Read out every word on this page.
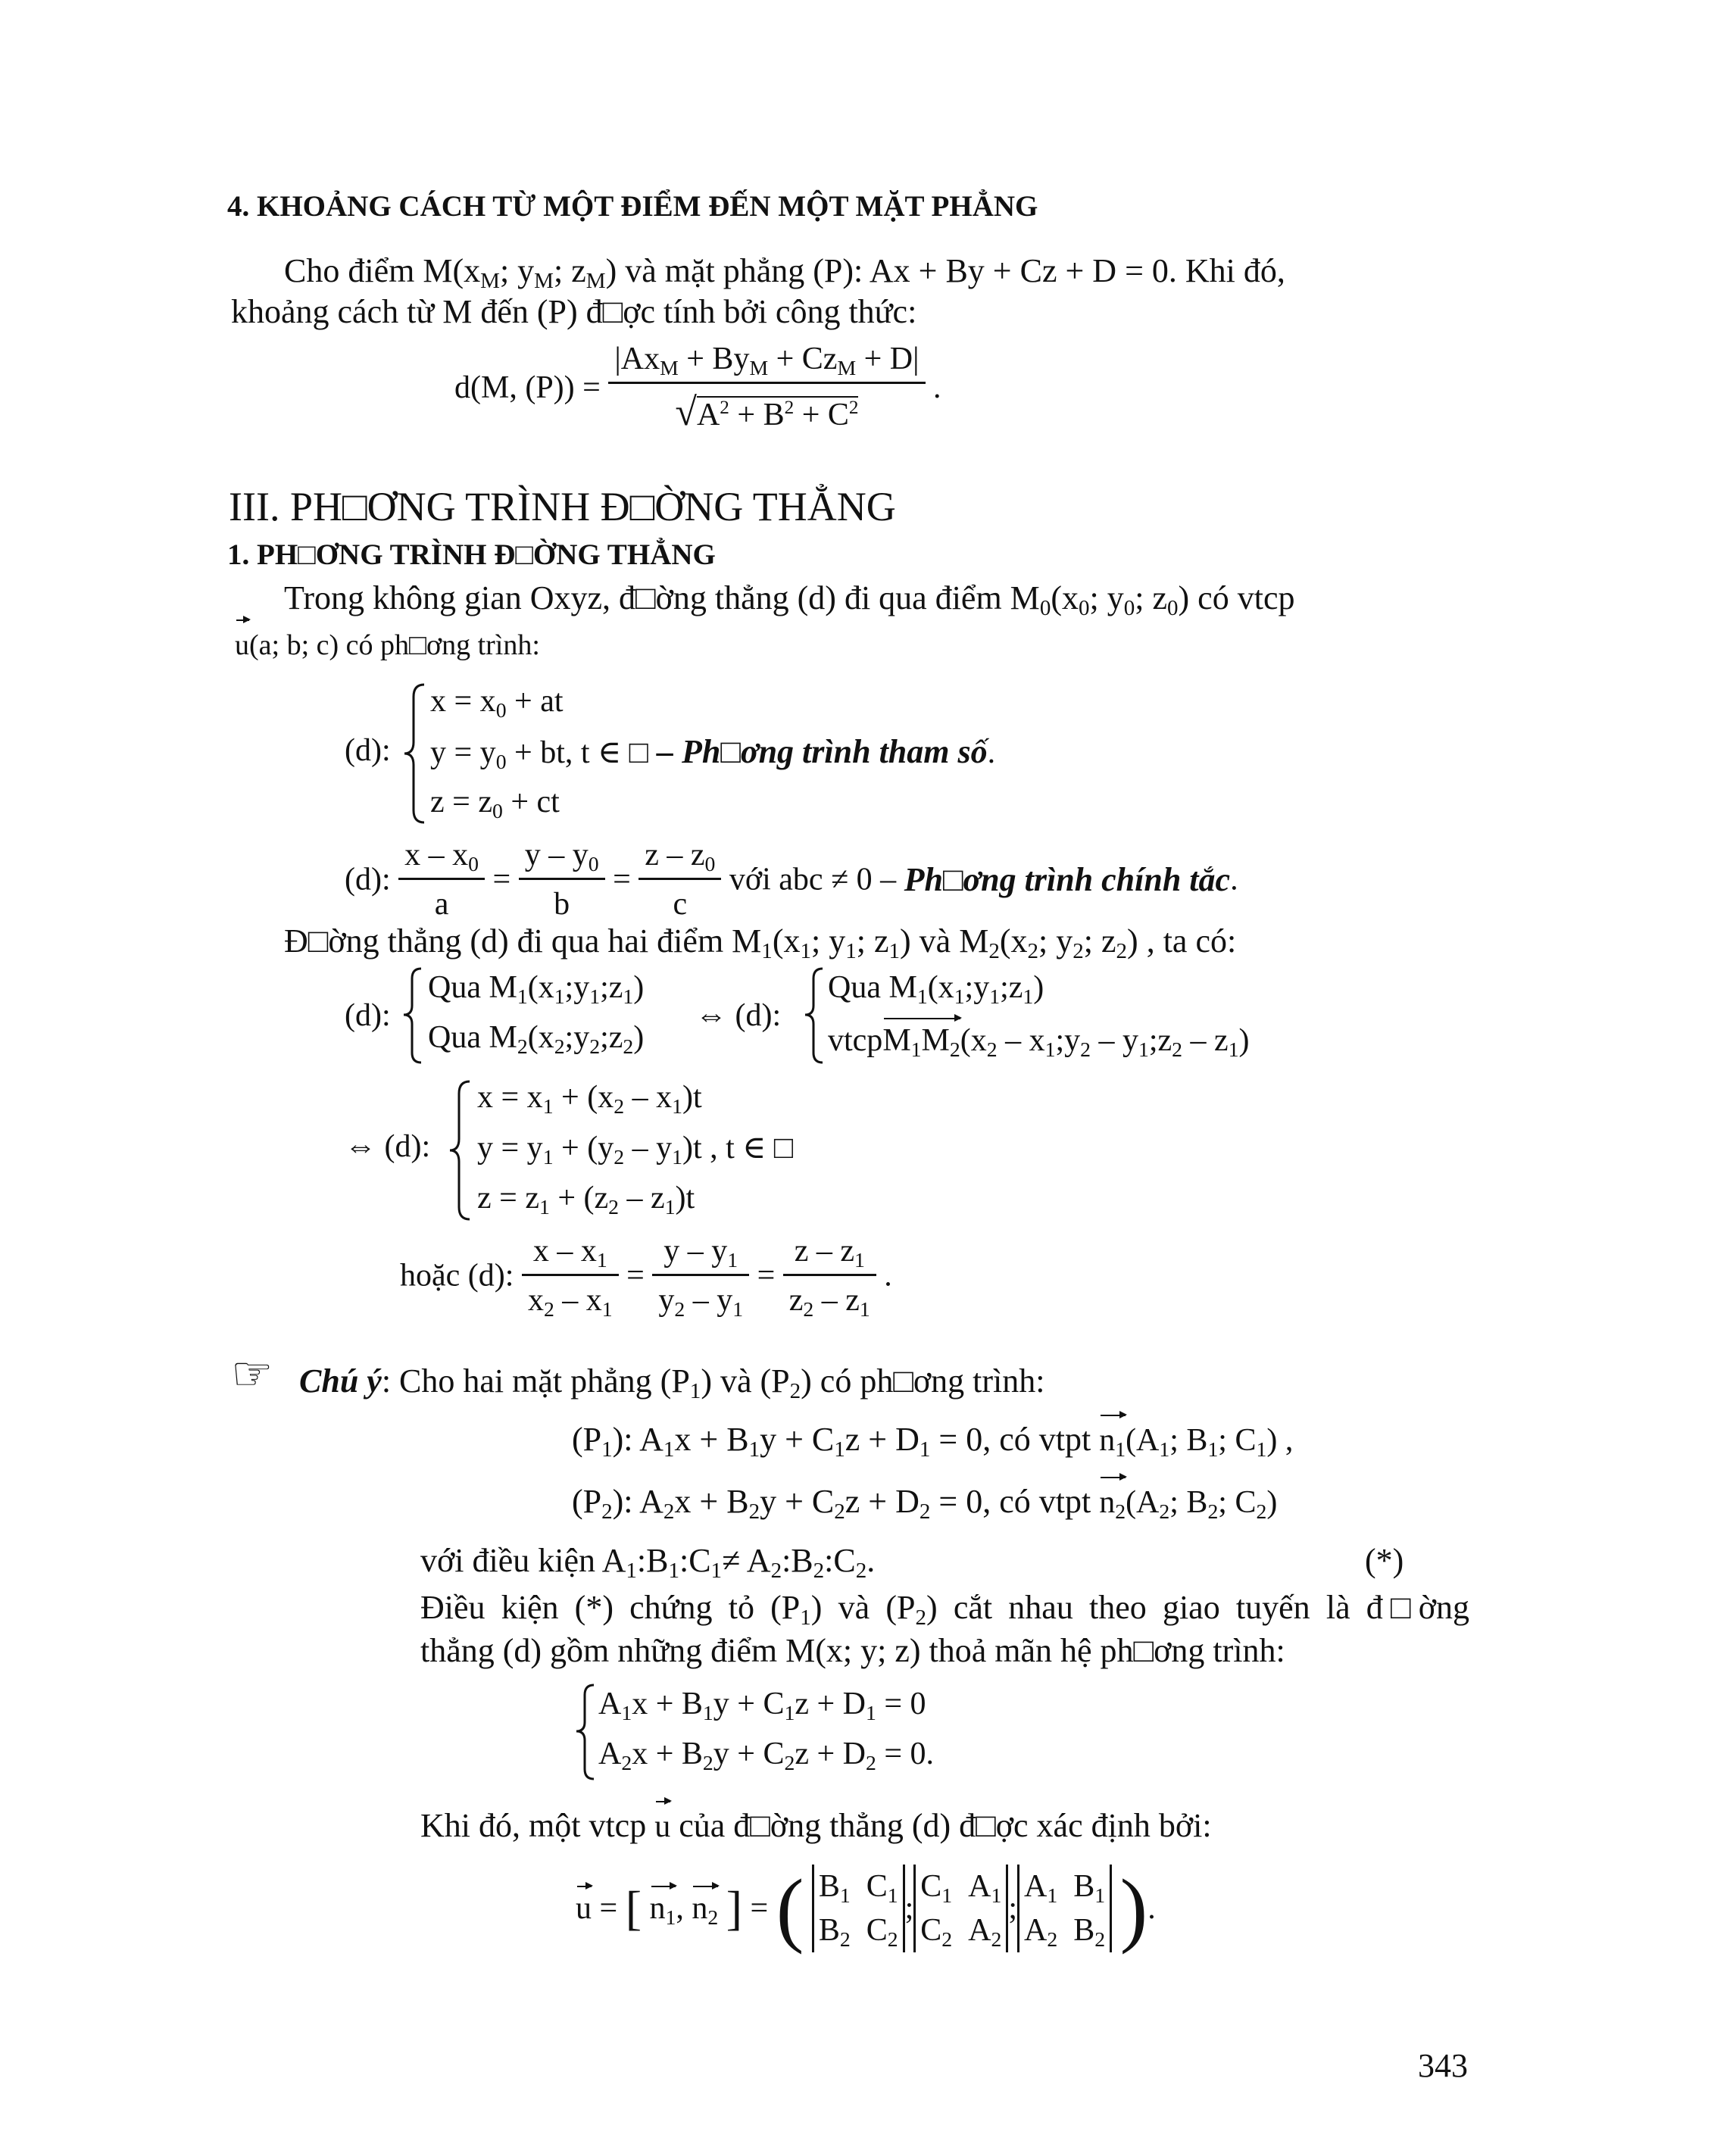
4. KHOẢNG CÁCH TỪ MỘT ĐIỂM ĐẾN MỘT MẶT PHẲNG
Cho điểm $M(x_M$; $y_M$; $z_M$) và mặt phẳng (P): Ax + By + Cz + D = 0. Khi đó,
khoảng cách từ M đến (P) đ□ợc tính bởi công thức:
d(M, $(P)) = \frac{|Ax_M + By_M + Cz_M + D|}{√A^2 + B^2 + C^2}$ .
III. PH□ƠNG TRÌNH Đ□ỜNG THẲNG
1. PH□ƠNG TRÌNH Đ□ỜNG THẲNG
Trong không gian Oxyz, đ□ờng thẳng (d) đi qua điểm $M_0(x_0$; $y_0$; $z_0$) có vtcp
u(a; b; c) có ph□ơng trình:
(d):
$x = x_0$ + at
$y = y_0$ + bt, t ∈ □ – Ph□ơng trình tham số.
$z = z_0$ + ct
(d): $\frac{x - x_0}{a} = \frac{y - y_0}{b} = \frac{z - z_0}{c}$ với abc ≠ 0 – Ph□ơng trình chính tắc.
Đ□ờng thẳng (d) đi qua hai điểm $M_1(x_1$; $y_1$; $z_1$) và $M_2(x_2$; $y_2$; $z_2$) , ta có:
(d):
Qua $M_1(x_1;y_1;z_1)$
Qua $M_2(x_2;y_2;z_2)$
⇔ (d):
Qua $M_1(x_1;y_1;z_1)$
$vtcpM_1M_2(x_2$ – $x_1;y_2$ – $y_1;z_2 - z_1$)
⇔ (d):
$x = x_1 + (x_2 - x_1)t$
$y = y_1 + (y_2 - y_1)t$ , t ∈ □
$z = z_1 + (z_2 - z_1)t$
hoặc (d): $\frac{x - x_1}{x_2 - x_1} = \frac{y - y_1}{y_2 - y_1} = \frac{z - z_1}{z_2 - z_1}$ .
☞ Chú ý: Cho hai mặt phẳng $(P_1)$ và $(P_2)$ có ph□ơng trình:
$(P_1)$: $A_1x + B_1y + C_1z + D_1 = 0$, có vtpt $n_1(A_1$; $B_1$; $C_1$) ,
$(P_2)$: $A_2x + B_2y + C_2z + D_2 = 0$, có vtpt $n_2(A_2$; $B_2$; $C_2$)
với điều kiện $A_1:B_1:C_1\ne$ $A_2:B_2:C_2$.	(*)
Điều kiện (*) chứng tỏ $(P_1)$ và $(P_2)$ cắt nhau theo giao tuyến là đ□ờng
thẳng (d) gồm những điểm M(x; y; z) thoả mãn hệ ph□ơng trình:
$A_1x + B_1y + C_1z + D_1 = 0$
$A_2x + B_2y + C_2z + D_2 = 0$.
Khi đó, một vtcp u của đ□ờng thẳng (d) đ□ợc xác định bởi:
u = [ $n_1$, $n_2$ ] = ( $B_1$ $C_1$
$B_2$ $C_2;C_1$ $A_1$
$C_2$ $A_2;A_1$ $B_1$
$A_2$ $B_2$ ).
343
